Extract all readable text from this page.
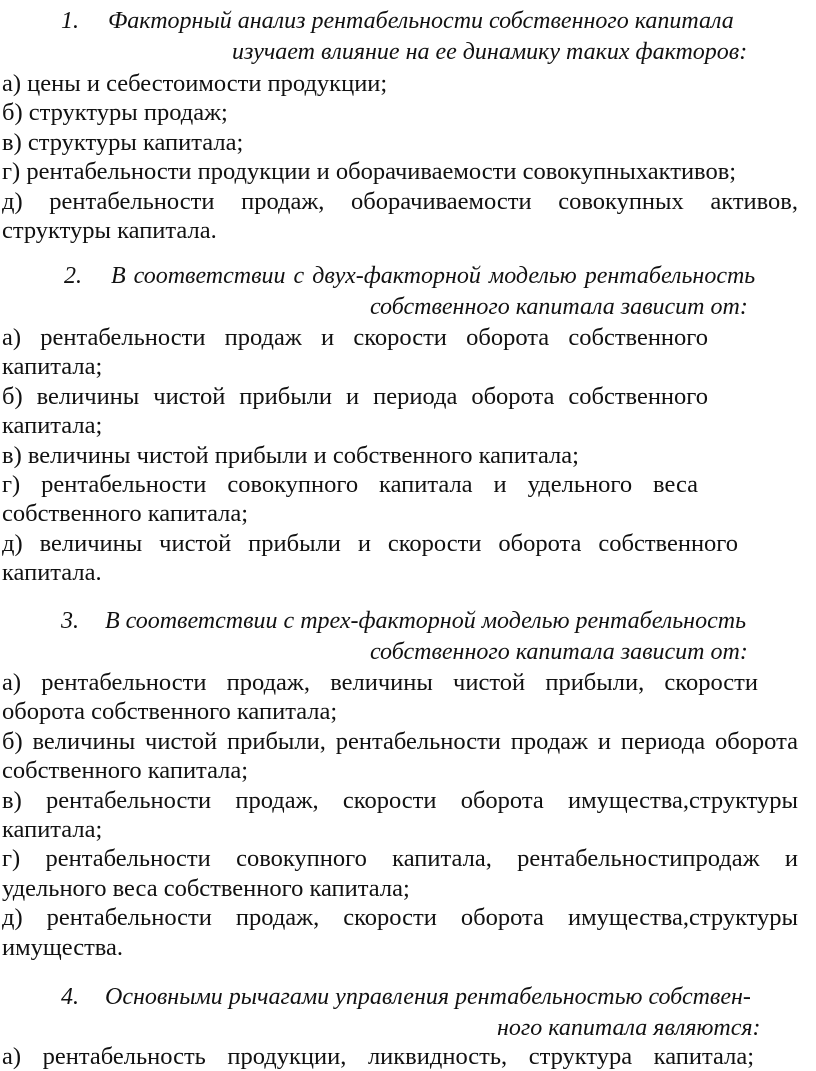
1. Факторный анализ рентабельности собственного капитала
изучает влияние на ее динамику таких факторов:
а) цены и себестоимости продукции;
б) структуры продаж;
в) структуры капитала;
г) рентабельности продукции и оборачиваемости совокупныхактивов;
д) рентабельности продаж, оборачиваемости совокупных активов, структуры капитала.
2. В соответствии с двух-факторной моделью рентабельность
собственного капитала зависит от:
а) рентабельности продаж и скорости оборота собственного капитала;
б) величины чистой прибыли и периода оборота собственного капитала;
в) величины чистой прибыли и собственного капитала;
г) рентабельности совокупного капитала и удельного веса собственного капитала;
д) величины чистой прибыли и скорости оборота собственного капитала.
3. В соответствии с трех-факторной моделью рентабельность
собственного капитала зависит от:
а) рентабельности продаж, величины чистой прибыли, скорости оборота собственного капитала;
б) величины чистой прибыли, рентабельности продаж и периода оборота собственного капитала;
в) рентабельности продаж, скорости оборота имущества,структуры капитала;
г) рентабельности совокупного капитала, рентабельностипродаж и удельного веса собственного капитала;
д) рентабельности продаж, скорости оборота имущества,структуры имущества.
4. Основными рычагами управления рентабельностью собствен-
ного капитала являются:
а) рентабельность продукции, ликвидность, структура капитала;
